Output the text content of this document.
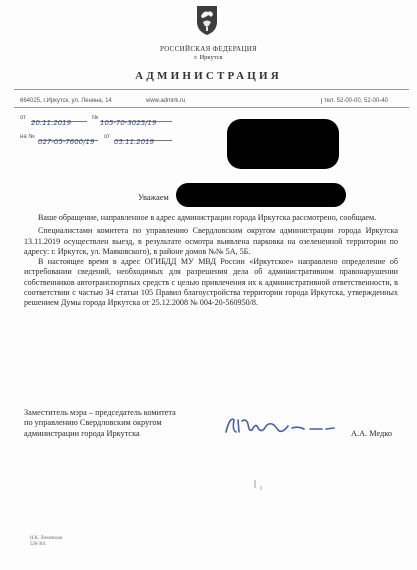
РОССИЙСКАЯ ФЕДЕРАЦИЯ
г. Иркутск
АДМИНИСТРАЦИЯ
664025, г.Иркутск, ул. Ленина, 14	www.admirk.ru	тел. 52-00-00, 52-00-40
от
20.11.2019
№
105-70-3025/19
на №
027-05-7600/19
от
05.11.2019
Уважаем

Ваше обращение, направленное в адрес администрации города Иркутска рассмотрено, сообщаем.

Специалистами комитета по управлению Свердловским округом администрации города Иркутска 13.11.2019 осуществлен выезд, в результате осмотра выявлена парковка на озелененной территории по адресу: г. Иркутск, ул. Маяковского), в районе домов №№ 5А, 5Б.

В настоящее время в адрес ОГИБДД МУ МВД России «Иркутское» направлено определение об истребовании сведений, необходимых для разрешения дела об административном правонарушении собственников автотранспортных средств с целью привлечения их к административной ответственности, в соответствии с частью 34 статьи 105 Правил благоустройства территории города Иркутска, утвержденных решением Думы города Иркутска от 25.12.2008 № 004-20-560950/8.

Заместитель мэра – председатель комитета
по управлению Свердловским округом
администрации города Иркутска	А.А. Медко
Н.К. Лиханская
520-361
